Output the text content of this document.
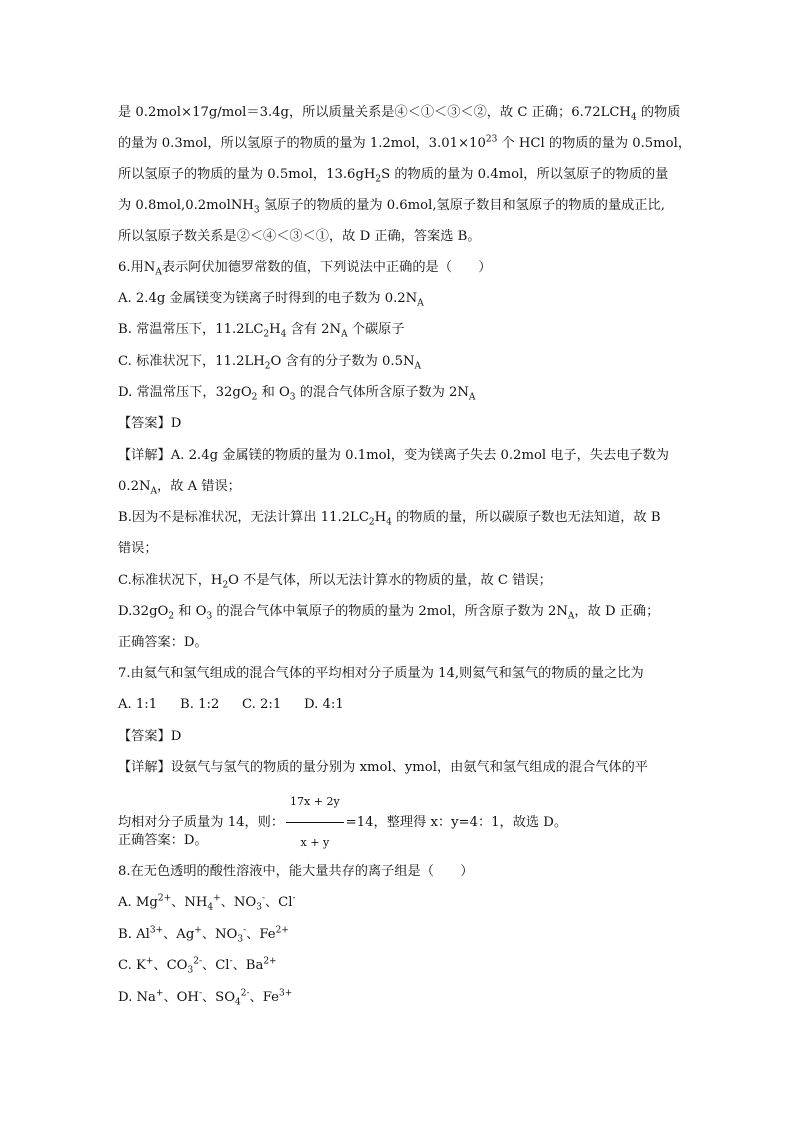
是 0.2mol×17g/mol＝3.4g，所以质量关系是④＜①＜③＜②，故 C 正确；$6.72LCH_4$ 的物质
的量为 0.3mol，所以氢原子的物质的量为 1.2mol，$3.01\times 10^{23}$ 个 HCl 的物质的量为 0.5mol，
所以氢原子的物质的量为 0.5mol，$13.6gH_2S$ 的物质的量为 0.4mol，所以氢原子的物质的量
为 0.8mol,0.2molNH$_3$ 氢原子的物质的量为 0.6mol,氢原子数目和氢原子的物质的量成正比,
所以氢原子数关系是②＜④＜③＜①，故 D 正确，答案选 B。
6.用$N_A$表示阿伏加德罗常数的值，下列说法中正确的是（　　）
A. 2.4g 金属镁变为镁离子时得到的电子数为 $0.2N_A$
B. 常温常压下，$11.2LC_2H_4$ 含有 $2N_A$ 个碳原子
C. 标准状况下，$11.2LH_2O$ 含有的分子数为 $0.5N_A$
D. 常温常压下，$32gO_2$ 和 $O_3$ 的混合气体所含原子数为 $2N_A$
【答案】D
【详解】A. 2.4g 金属镁的物质的量为 0.1mol，变为镁离子失去 0.2mol 电子，失去电子数为
$0.2N_A$，故 A 错误；
B.因为不是标准状况，无法计算出 $11.2LC_2H_4$ 的物质的量，所以碳原子数也无法知道，故 B
错误；
C.标准状况下，$H_2O$ 不是气体，所以无法计算水的物质的量，故 C 错误；
$D.32gO_2$ 和 $O_3$ 的混合气体中氧原子的物质的量为 2mol，所含原子数为 $2N_A$，故 D 正确；
正确答案：D。
7.由氦气和氢气组成的混合气体的平均相对分子质量为 14,则氦气和氢气的物质的量之比为
A. 1:1 B. 1:2 C. 2:1 D. 4:1
【答案】D
【详解】设氨气与氢气的物质的量分别为 xmol、ymol，由氨气和氢气组成的混合气体的平
均相对分子质量为 14，则： $\frac{17x + 2y}{x + y} =14$，整理得 x：y=4：1，故选 D。
正确答案：D。
8.在无色透明的酸性溶液中，能大量共存的离子组是（　　）
A. $Mg^{2+}$、$NH_4^+$、$NO_3^-$、Cl-
B. $Al^{3+}$、Ag+、$NO_3^-$、$Fe^{2+}$
C. K+、$CO_3^{2-}$、Cl-、$Ba^{2+}$
D. Na+、OH-、$SO_4^{2-}$、$Fe^{3+}$
